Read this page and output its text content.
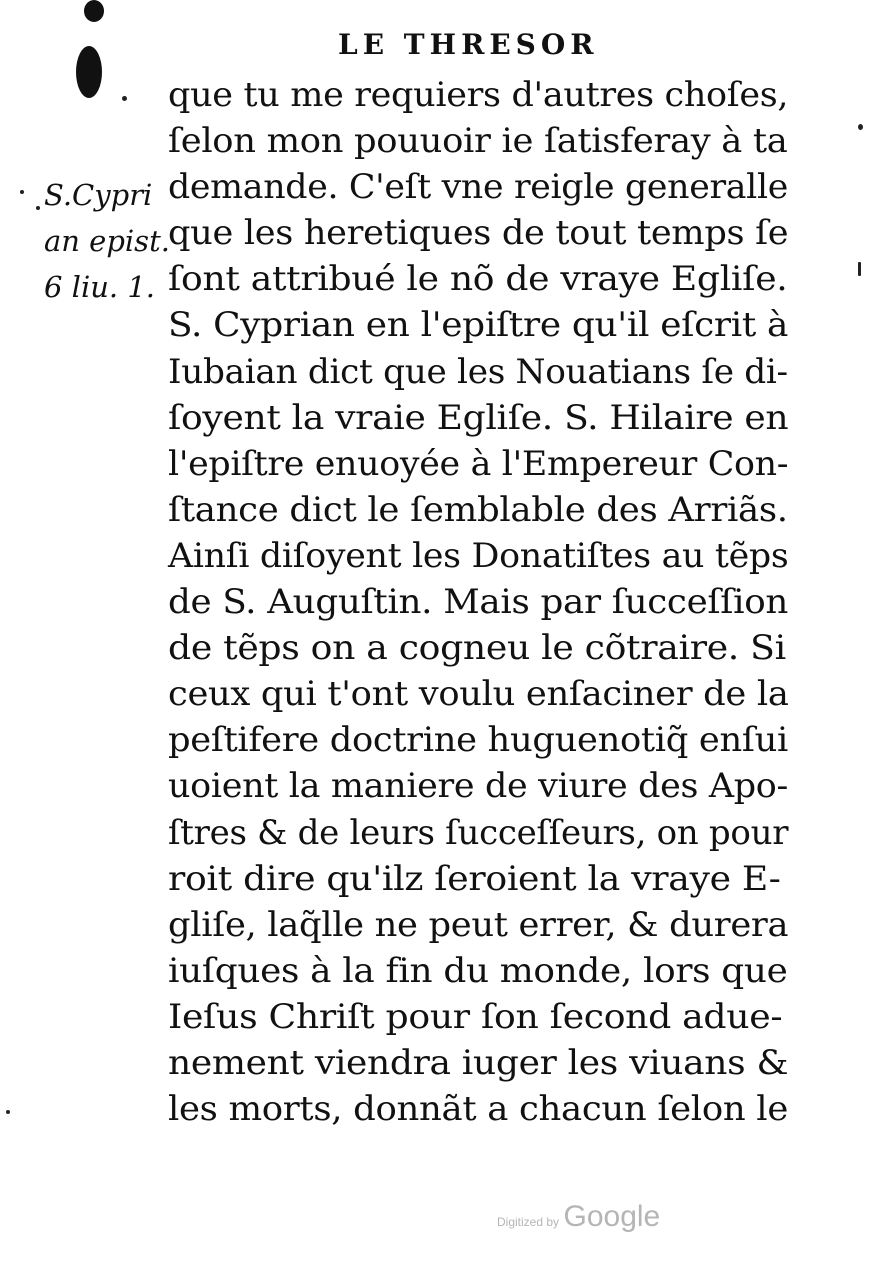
LE THRESOR
S.Cypri
an epist.
6 liu. 1.
que tu me requiers d'autres choſes,
ſelon mon pouuoir ie ſatisferay à ta
demande. C'eſt vne reigle generalle
que les heretiques de tout temps ſe
ſont attribué le nõ de vraye Egliſe.
S. Cyprian en l'epiſtre qu'il eſcrit à
Iubaian dict que les Nouatians ſe di-
ſoyent la vraie Egliſe. S. Hilaire en
l'epiſtre enuoyée à l'Empereur Con-
ſtance dict le ſemblable des Arriãs.
Ainſi diſoyent les Donatiſtes au tẽps
de S. Auguſtin. Mais par ſucceſſion
de tẽps on a cogneu le cõtraire. Si
ceux qui t'ont voulu enſaciner de la
peſtifere doctrine huguenotiq̃ enſui
uoient la maniere de viure des Apo-
ſtres & de leurs ſucceſſeurs, on pour
roit dire qu'ilz ſeroient la vraye E-
gliſe, laq̃lle ne peut errer, & durera
iuſques à la fin du monde, lors que
Ieſus Chriſt pour ſon ſecond adue-
nement viendra iuger les viuans &
les morts, donnãt a chacun ſelon le
Digitized by Google
